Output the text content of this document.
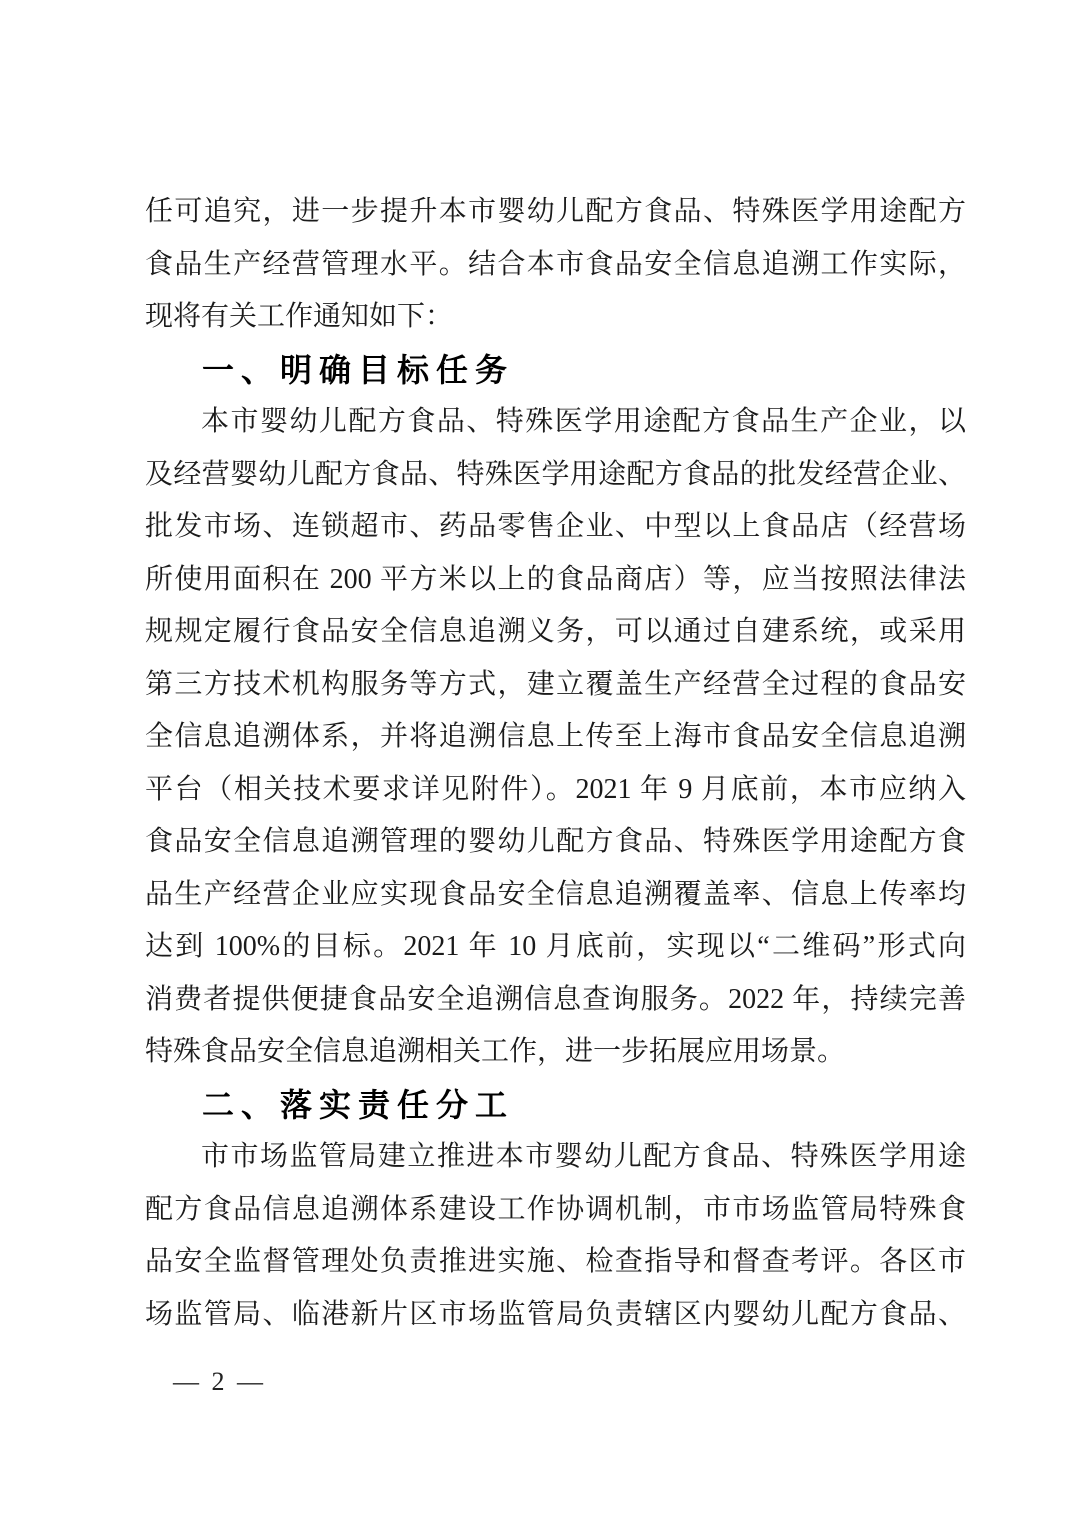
任可追究，进一步提升本市婴幼儿配方食品、特殊医学用途配方
食品生产经营管理水平。结合本市食品安全信息追溯工作实际，
现将有关工作通知如下：
一、明确目标任务
本市婴幼儿配方食品、特殊医学用途配方食品生产企业，以
及经营婴幼儿配方食品、特殊医学用途配方食品的批发经营企业、
批发市场、连锁超市、药品零售企业、中型以上食品店（经营场
所使用面积在 200 平方米以上的食品商店）等，应当按照法律法
规规定履行食品安全信息追溯义务，可以通过自建系统，或采用
第三方技术机构服务等方式，建立覆盖生产经营全过程的食品安
全信息追溯体系，并将追溯信息上传至上海市食品安全信息追溯
平台（相关技术要求详见附件）。2021 年 9 月底前，本市应纳入
食品安全信息追溯管理的婴幼儿配方食品、特殊医学用途配方食
品生产经营企业应实现食品安全信息追溯覆盖率、信息上传率均
达到 100%的目标。2021 年 10 月底前，实现以“二维码”形式向
消费者提供便捷食品安全追溯信息查询服务。2022 年，持续完善
特殊食品安全信息追溯相关工作，进一步拓展应用场景。
二、落实责任分工
市市场监管局建立推进本市婴幼儿配方食品、特殊医学用途
配方食品信息追溯体系建设工作协调机制，市市场监管局特殊食
品安全监督管理处负责推进实施、检查指导和督查考评。各区市
场监管局、临港新片区市场监管局负责辖区内婴幼儿配方食品、
— 2 —
